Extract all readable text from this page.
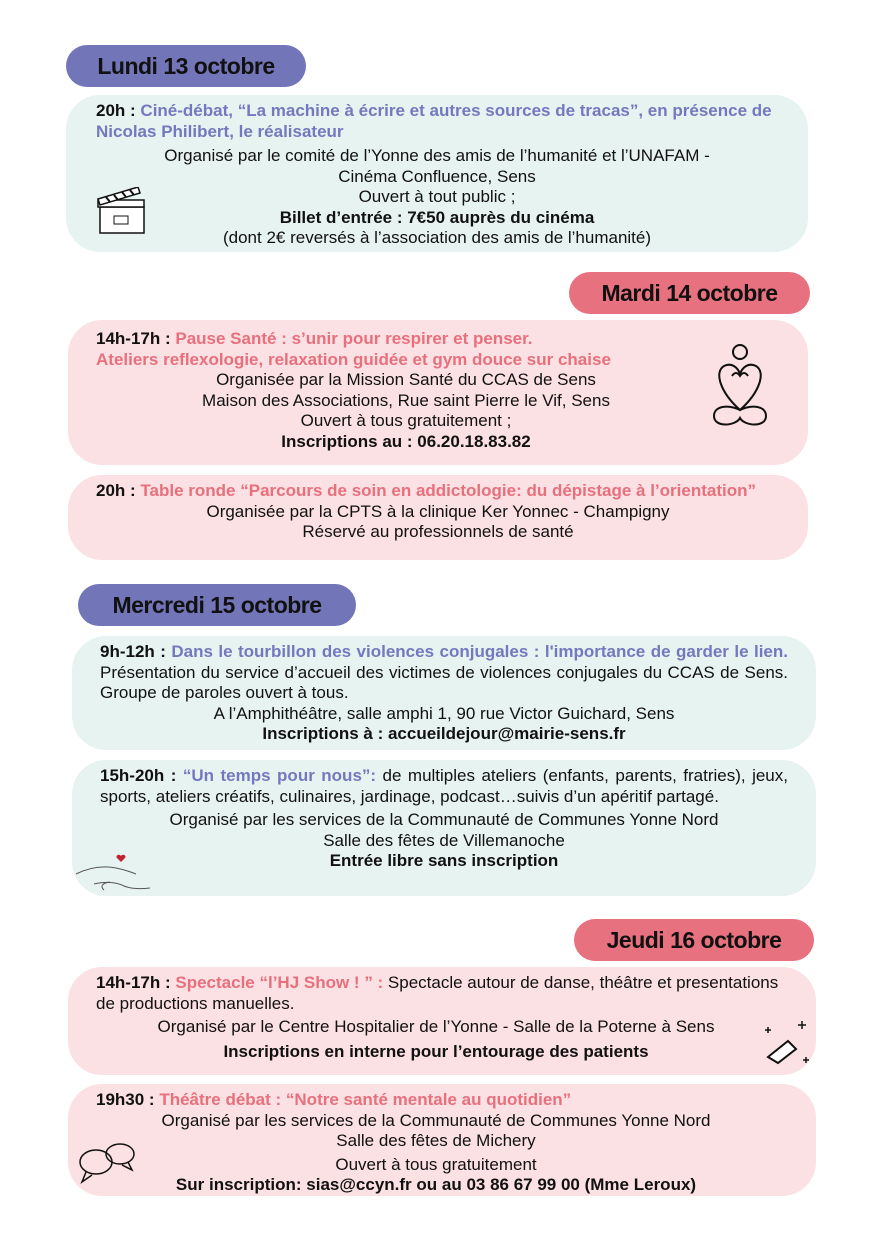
Lundi 13 octobre
20h : Ciné-débat, “La machine à écrire et autres sources de tracas”, en présence de Nicolas Philibert, le réalisateur
Organisé par le comité de l’Yonne des amis de l’humanité et l’UNAFAM -
Cinéma Confluence, Sens
Ouvert à tout public ;
Billet d’entrée : 7€50 auprès du cinéma
(dont 2€ reversés à l’association des amis de l’humanité)
Mardi 14 octobre
14h-17h : Pause Santé : s’unir pour respirer et penser.
Ateliers reflexologie, relaxation guidée et gym douce sur chaise
Organisée par la Mission Santé du CCAS de Sens
Maison des Associations, Rue saint Pierre le Vif, Sens
Ouvert à tous gratuitement ;
Inscriptions au : 06.20.18.83.82
20h : Table ronde “Parcours de soin en addictologie: du dépistage à l’orientation”
Organisée par la CPTS à la clinique Ker Yonnec - Champigny
Réservé au professionnels de santé
Mercredi 15 octobre
9h-12h : Dans le tourbillon des violences conjugales : l'importance de garder le lien. Présentation du service d’accueil des victimes de violences conjugales du CCAS de Sens. Groupe de paroles ouvert à tous.
A l’Amphithéâtre, salle amphi 1, 90 rue Victor Guichard, Sens
Inscriptions à : accueildejour@mairie-sens.fr
15h-20h : “Un temps pour nous”: de multiples ateliers (enfants, parents, fratries), jeux, sports, ateliers créatifs, culinaires, jardinage, podcast…suivis d’un apéritif partagé.
Organisé par les services de la Communauté de Communes Yonne Nord
Salle des fêtes de Villemanoche
Entrée libre sans inscription
Jeudi 16 octobre
14h-17h : Spectacle “l’HJ Show ! ” : Spectacle autour de danse, théâtre et presentations de productions manuelles.
Organisé par le Centre Hospitalier de l’Yonne - Salle de la Poterne à Sens
Inscriptions en interne pour l’entourage des patients
19h30 : Théâtre débat : “Notre santé mentale au quotidien”
Organisé par les services de la Communauté de Communes Yonne Nord
Salle des fêtes de Michery
Ouvert à tous gratuitement
Sur inscription: sias@ccyn.fr ou au 03 86 67 99 00 (Mme Leroux)
